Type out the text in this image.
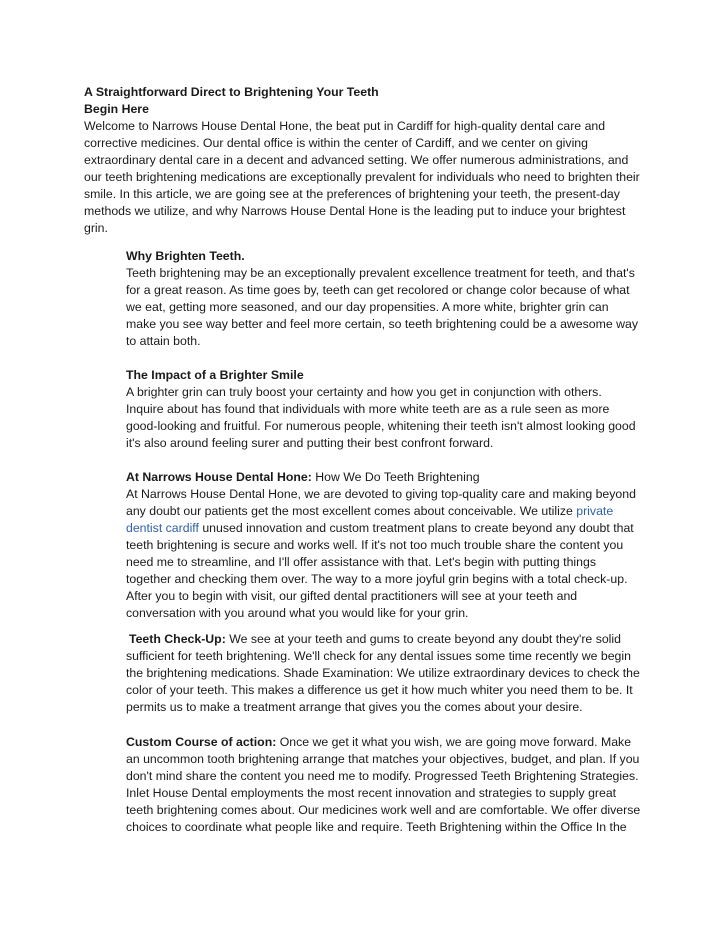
A Straightforward Direct to Brightening Your Teeth

Begin Here

Welcome to Narrows House Dental Hone, the beat put in Cardiff for high-quality dental care and corrective medicines. Our dental office is within the center of Cardiff, and we center on giving extraordinary dental care in a decent and advanced setting. We offer numerous administrations, and our teeth brightening medications are exceptionally prevalent for individuals who need to brighten their smile. In this article, we are going see at the preferences of brightening your teeth, the present-day methods we utilize, and why Narrows House Dental Hone is the leading put to induce your brightest grin.

Why Brighten Teeth.

Teeth brightening may be an exceptionally prevalent excellence treatment for teeth, and that's for a great reason. As time goes by, teeth can get recolored or change color because of what we eat, getting more seasoned, and our day propensities. A more white, brighter grin can make you see way better and feel more certain, so teeth brightening could be a awesome way to attain both.

The Impact of a Brighter Smile

A brighter grin can truly boost your certainty and how you get in conjunction with others. Inquire about has found that individuals with more white teeth are as a rule seen as more good-looking and fruitful. For numerous people, whitening their teeth isn't almost looking good it's also around feeling surer and putting their best confront forward.

At Narrows House Dental Hone: How We Do Teeth Brightening

At Narrows House Dental Hone, we are devoted to giving top-quality care and making beyond any doubt our patients get the most excellent comes about conceivable. We utilize private dentist cardiff unused innovation and custom treatment plans to create beyond any doubt that teeth brightening is secure and works well. If it's not too much trouble share the content you need me to streamline, and I'll offer assistance with that. Let's begin with putting things together and checking them over. The way to a more joyful grin begins with a total check-up. After you to begin with visit, our gifted dental practitioners will see at your teeth and conversation with you around what you would like for your grin.

Teeth Check-Up: We see at your teeth and gums to create beyond any doubt they're solid sufficient for teeth brightening. We'll check for any dental issues some time recently we begin the brightening medications. Shade Examination: We utilize extraordinary devices to check the color of your teeth. This makes a difference us get it how much whiter you need them to be. It permits us to make a treatment arrange that gives you the comes about your desire.

Custom Course of action: Once we get it what you wish, we are going move forward. Make an uncommon tooth brightening arrange that matches your objectives, budget, and plan. If you don't mind share the content you need me to modify. Progressed Teeth Brightening Strategies. Inlet House Dental employments the most recent innovation and strategies to supply great teeth brightening comes about. Our medicines work well and are comfortable. We offer diverse choices to coordinate what people like and require. Teeth Brightening within the Office In the
